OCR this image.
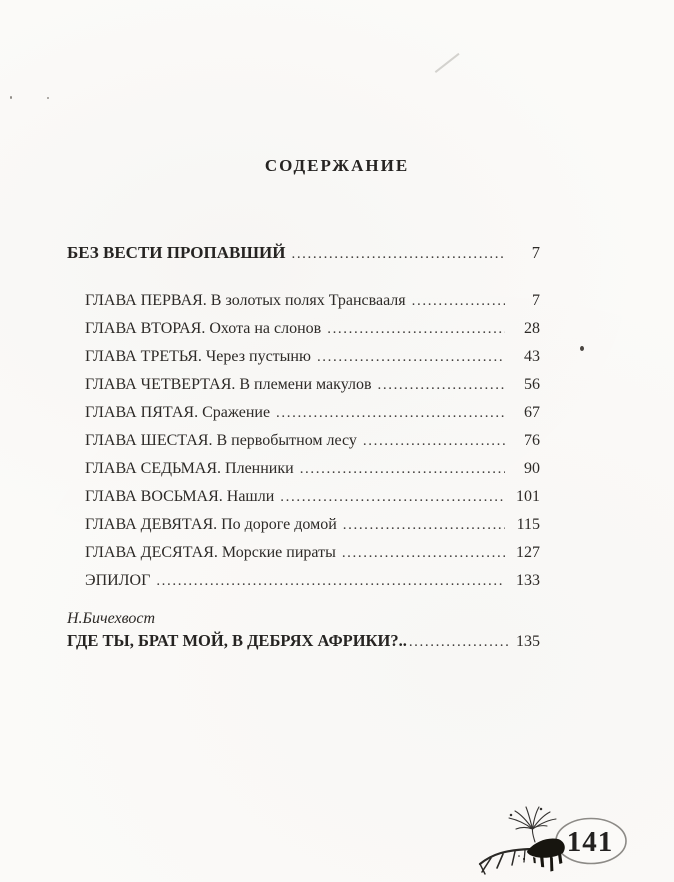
СОДЕРЖАНИЕ
БЕЗ ВЕСТИ ПРОПАВШИЙ .....	7
ГЛАВА ПЕРВАЯ. В золотых полях Трансвааля .....	7
ГЛАВА ВТОРАЯ. Охота на слонов .....	28
ГЛАВА ТРЕТЬЯ. Через пустыню .....	43
ГЛАВА ЧЕТВЕРТАЯ. В племени макулов .....	56
ГЛАВА ПЯТАЯ. Сражение .....	67
ГЛАВА ШЕСТАЯ. В первобытном лесу .....	76
ГЛАВА СЕДЬМАЯ. Пленники .....	90
ГЛАВА ВОСЬМАЯ. Нашли .....	101
ГЛАВА ДЕВЯТАЯ. По дороге домой .....	115
ГЛАВА ДЕСЯТАЯ. Морские пираты .....	127
ЭПИЛОГ .....	133
Н.Бичехвост
ГДЕ ТЫ, БРАТ МОЙ, В ДЕБРЯХ АФРИКИ?.. .....	135
141
